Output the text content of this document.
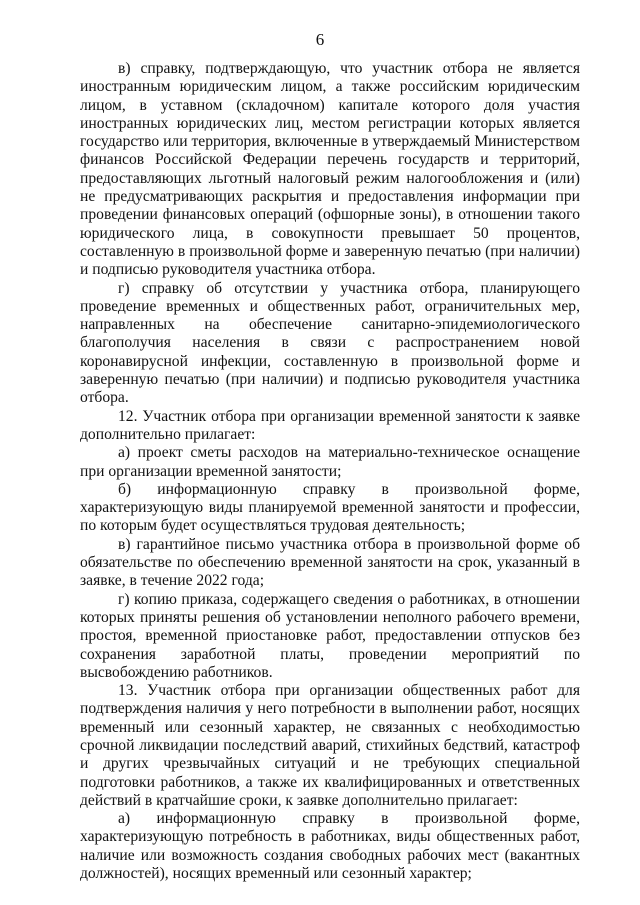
6

в) справку, подтверждающую, что участник отбора не является иностранным юридическим лицом, а также российским юридическим лицом, в уставном (складочном) капитале которого доля участия иностранных юридических лиц, местом регистрации которых является государство или территория, включенные в утверждаемый Министерством финансов Российской Федерации перечень государств и территорий, предоставляющих льготный налоговый режим налогообложения и (или) не предусматривающих раскрытия и предоставления информации при проведении финансовых операций (офшорные зоны), в отношении такого юридического лица, в совокупности превышает 50 процентов, составленную в произвольной форме и заверенную печатью (при наличии) и подписью руководителя участника отбора.

г) справку об отсутствии у участника отбора, планирующего проведение временных и общественных работ, ограничительных мер, направленных на обеспечение санитарно-эпидемиологического благополучия населения в связи с распространением новой коронавирусной инфекции, составленную в произвольной форме и заверенную печатью (при наличии) и подписью руководителя участника отбора.

12. Участник отбора при организации временной занятости к заявке дополнительно прилагает:

а) проект сметы расходов на материально-техническое оснащение при организации временной занятости;

б) информационную справку в произвольной форме, характеризующую виды планируемой временной занятости и профессии, по которым будет осуществляться трудовая деятельность;

в) гарантийное письмо участника отбора в произвольной форме об обязательстве по обеспечению временной занятости на срок, указанный в заявке, в течение 2022 года;

г) копию приказа, содержащего сведения о работниках, в отношении которых приняты решения об установлении неполного рабочего времени, простоя, временной приостановке работ, предоставлении отпусков без сохранения заработной платы, проведении мероприятий по высвобождению работников.

13. Участник отбора при организации общественных работ для подтверждения наличия у него потребности в выполнении работ, носящих временный или сезонный характер, не связанных с необходимостью срочной ликвидации последствий аварий, стихийных бедствий, катастроф и других чрезвычайных ситуаций и не требующих специальной подготовки работников, а также их квалифицированных и ответственных действий в кратчайшие сроки, к заявке дополнительно прилагает:

а) информационную справку в произвольной форме, характеризующую потребность в работниках, виды общественных работ, наличие или возможность создания свободных рабочих мест (вакантных должностей), носящих временный или сезонный характер;
